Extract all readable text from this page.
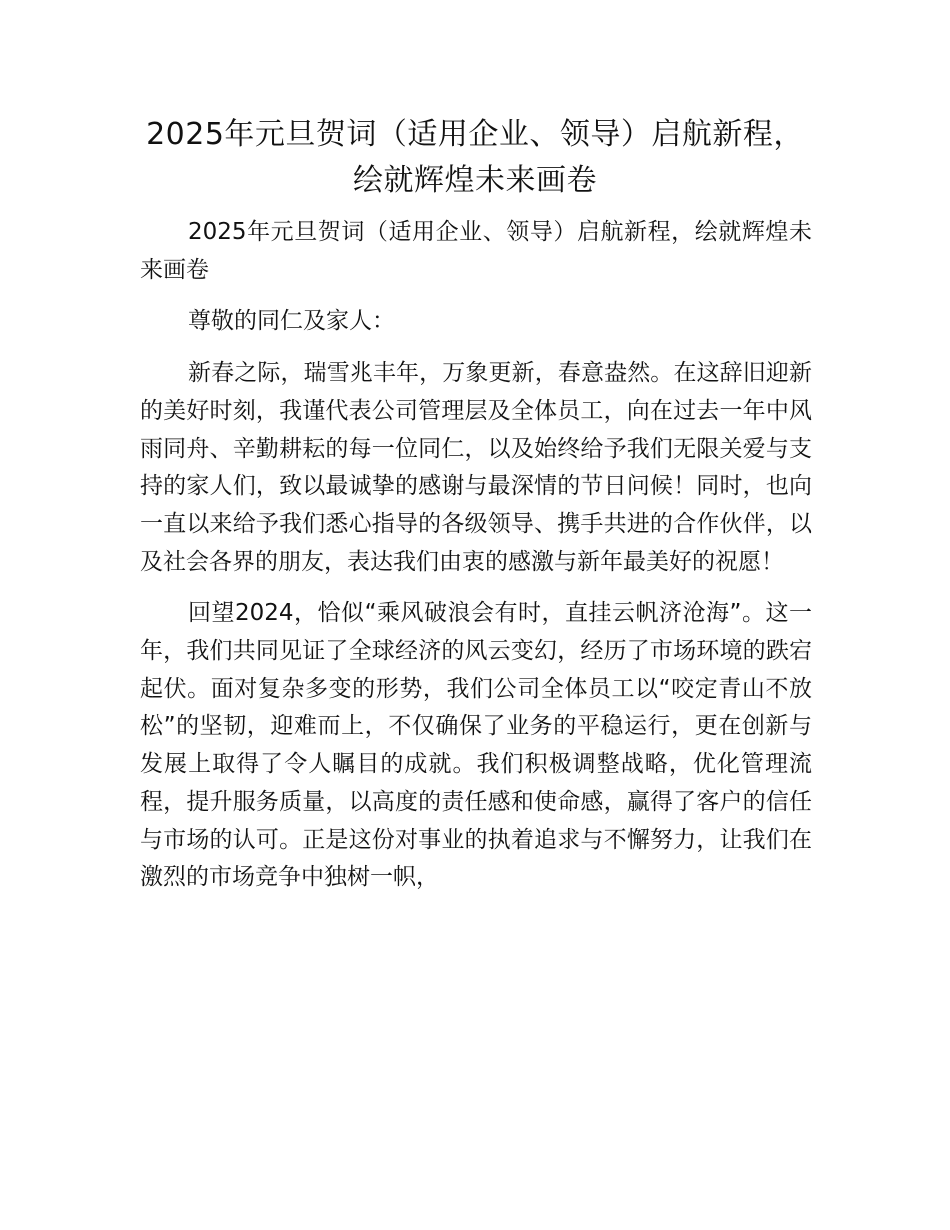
2025年元旦贺词（适用企业、领导）启航新程，绘就辉煌未来画卷

2025年元旦贺词（适用企业、领导）启航新程，绘就辉煌未来画卷

尊敬的同仁及家人：

新春之际，瑞雪兆丰年，万象更新，春意盎然。在这辞旧迎新的美好时刻，我谨代表公司管理层及全体员工，向在过去一年中风雨同舟、辛勤耕耘的每一位同仁，以及始终给予我们无限关爱与支持的家人们，致以最诚挚的感谢与最深情的节日问候！同时，也向一直以来给予我们悉心指导的各级领导、携手共进的合作伙伴，以及社会各界的朋友，表达我们由衷的感激与新年最美好的祝愿！

回望2024，恰似“乘风破浪会有时，直挂云帆济沧海”。这一年，我们共同见证了全球经济的风云变幻，经历了市场环境的跌宕起伏。面对复杂多变的形势，我们公司全体员工以“咬定青山不放松”的坚韧，迎难而上，不仅确保了业务的平稳运行，更在创新与发展上取得了令人瞩目的成就。我们积极调整战略，优化管理流程，提升服务质量，以高度的责任感和使命感，赢得了客户的信任与市场的认可。正是这份对事业的执着追求与不懈努力，让我们在激烈的市场竞争中独树一帜，
